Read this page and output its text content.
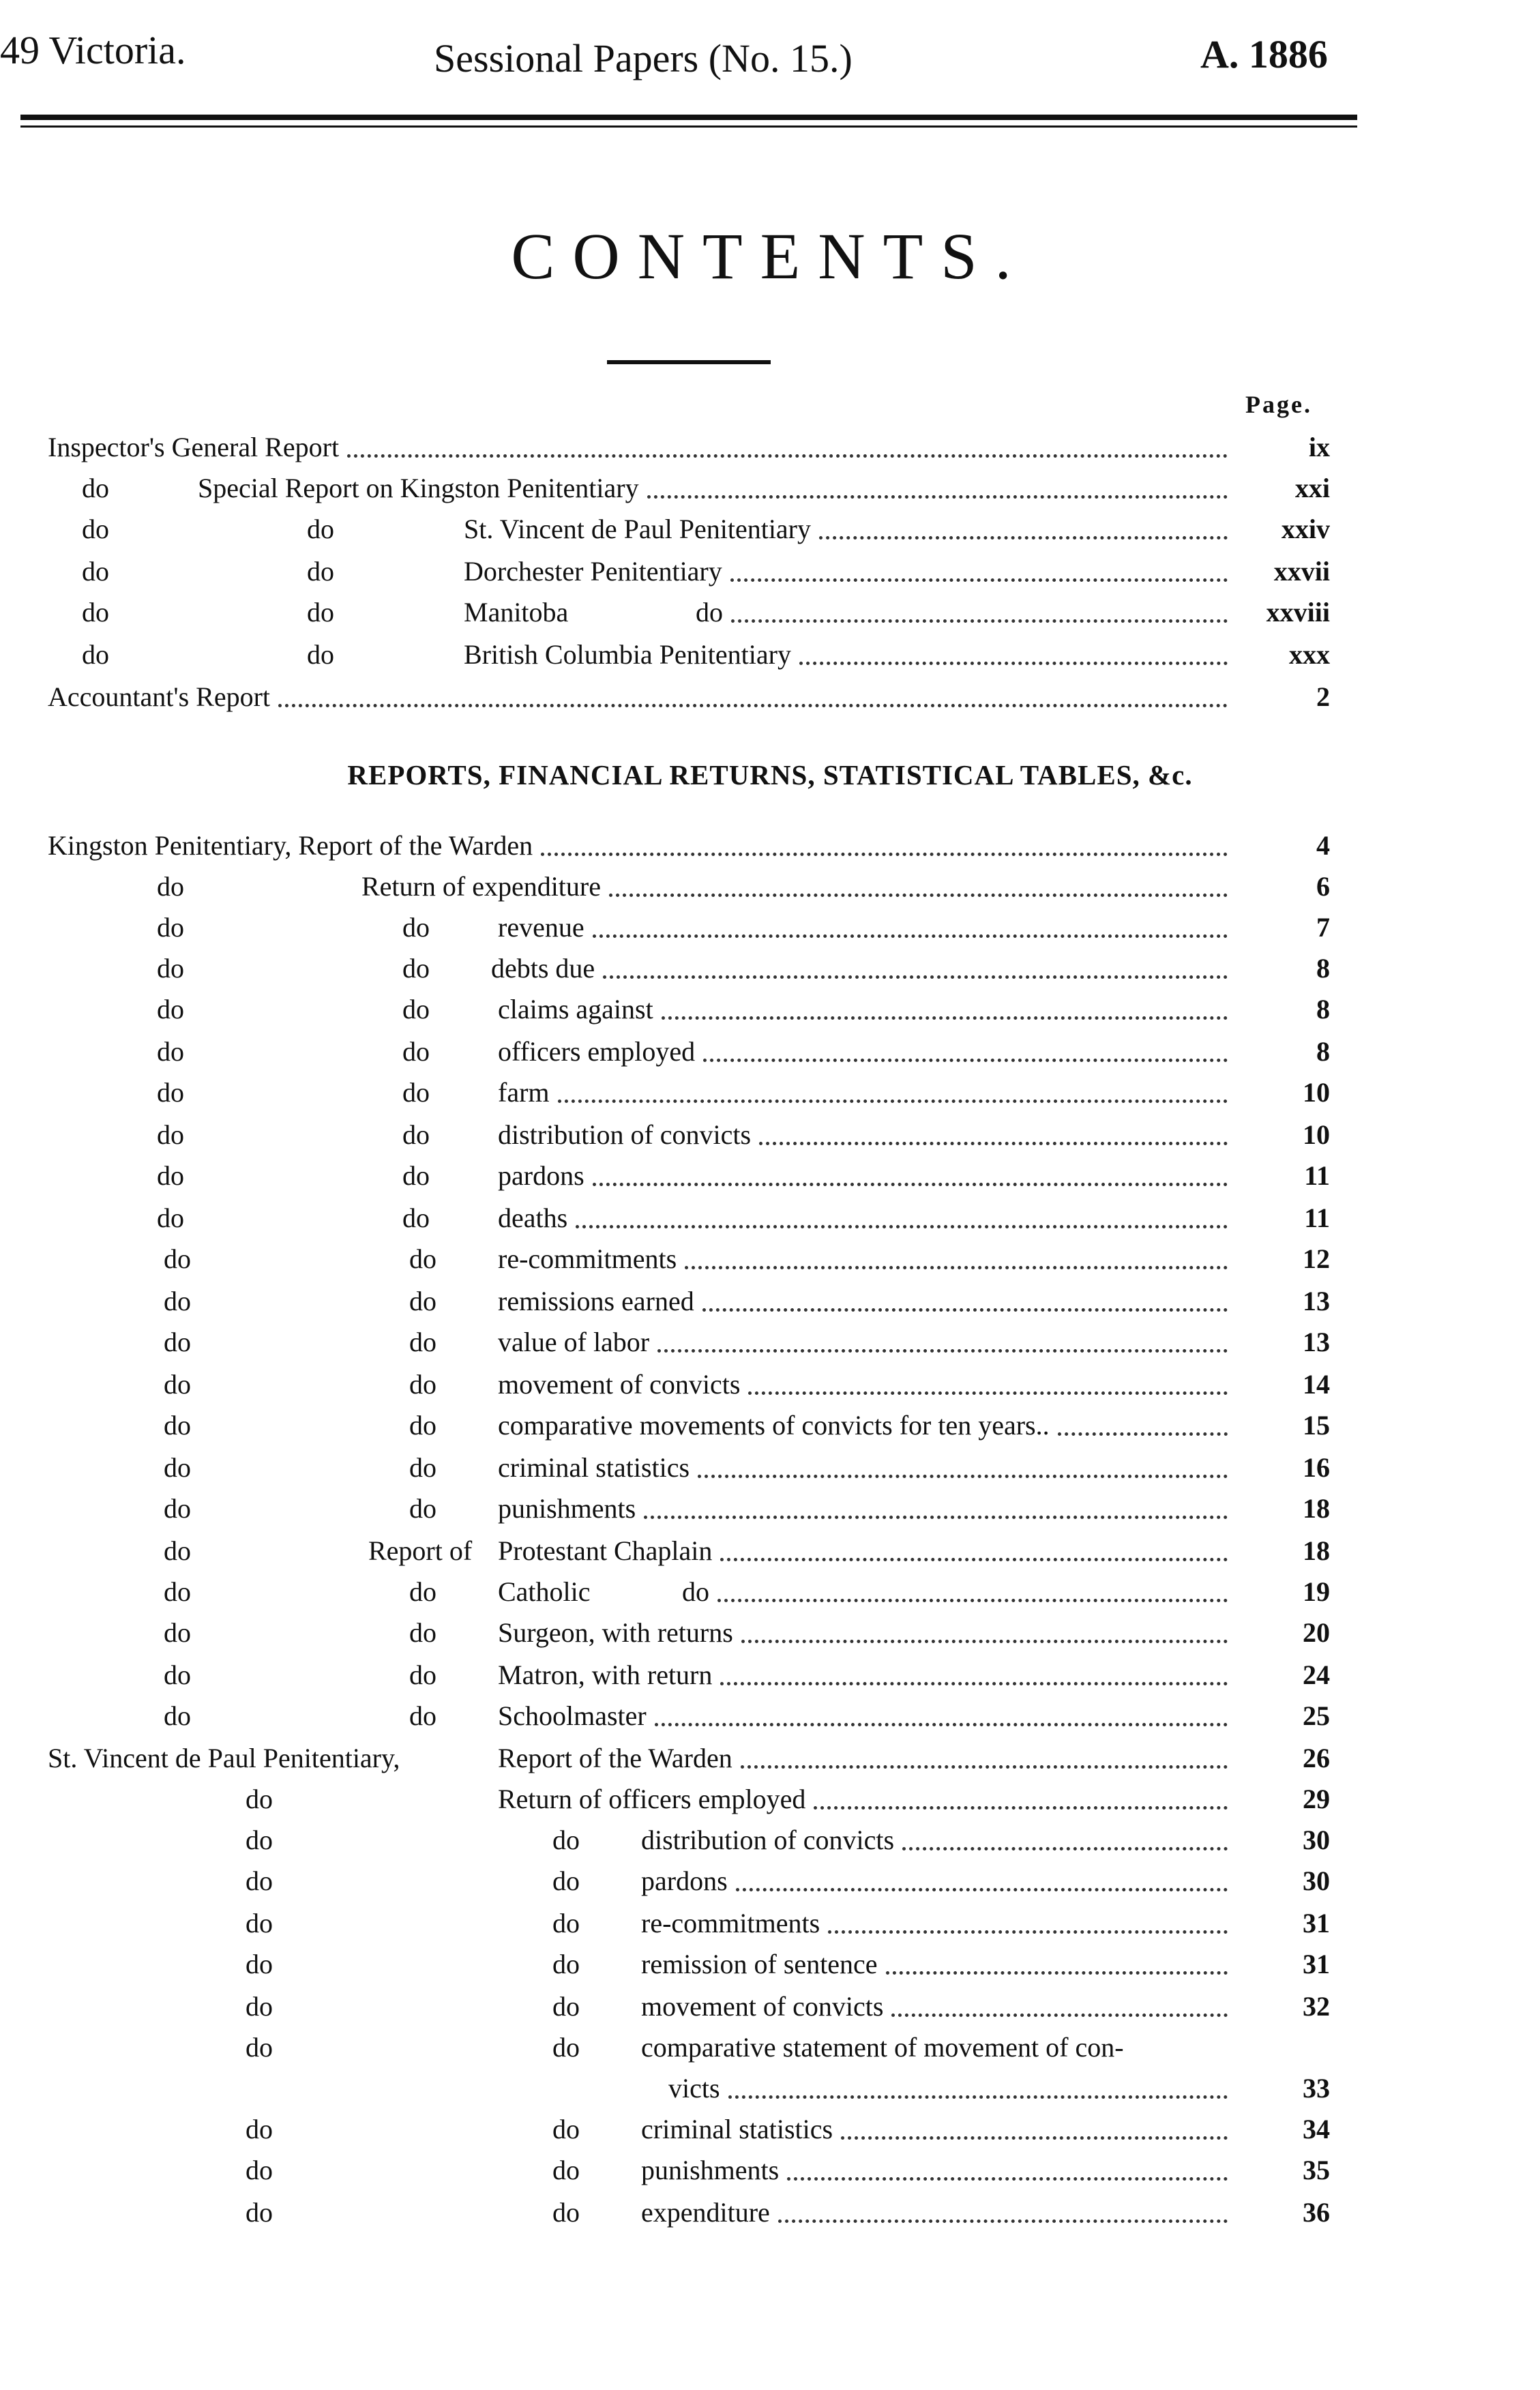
49 Victoria.	Sessional Papers (No. 15.)	A. 1886
CONTENTS.
Page.
REPORTS, FINANCIAL RETURNS, STATISTICAL TABLES, &c.
Inspector's General Report	ix
do	Special Report on Kingston Penitentiary	xxi
do	do	St. Vincent de Paul Penitentiary	xxiv
do	do	Dorchester Penitentiary	xxvii
do	do	Manitoba	do	xxviii
do	do	British Columbia Penitentiary	xxx
Accountant's Report	2
Kingston Penitentiary, Report of the Warden	4
do	Return of expenditure	6
do	do	revenue	7
do	do debts due	8
do	do	claims against	8
do	do	officers employed	8
do	do	farm	10
do	do	distribution of convicts	10
do	do	pardons	11
do	do	deaths	11
do	do re-commitments	12
do	do remissions earned	13
do	do value of labor	13
do	do movement of convicts	14
do	do comparative movements of convicts for ten years..	15
do	do criminal statistics	16
do	do punishments	18
do	Report of Protestant Chaplain	18
do	do Catholic	do	19
do	do Surgeon, with returns	20
do	do Matron, with return	24
do	do Schoolmaster	25
St. Vincent de Paul Penitentiary,	Report of the Warden	26
do	Return of officers employed	29
do	do distribution of convicts	30
do	do pardons	30
do	do re-commitments	31
do	do remission of sentence	31
do	do movement of convicts	32
do	do comparative statement of movement of con-
victs	33
do	do criminal statistics	34
do	do punishments	35
do	do expenditure	36
